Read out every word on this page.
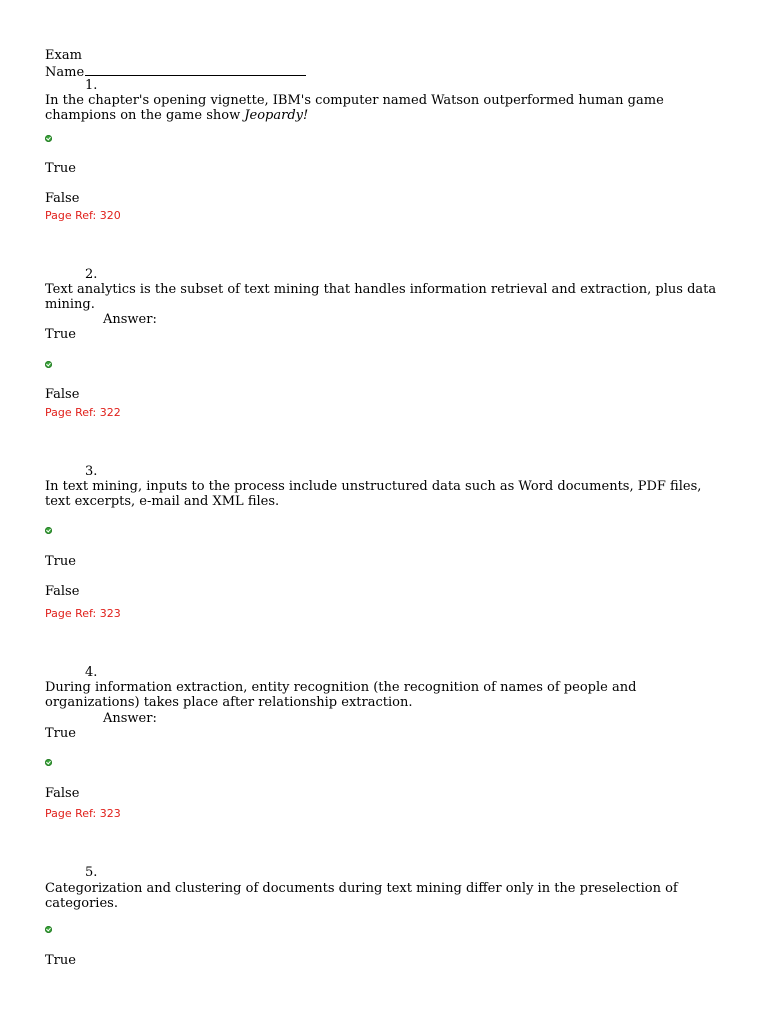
Exam
Name
1.
In the chapter's opening vignette, IBM's computer named Watson outperformed human game champions on the game show Jeopardy!
True
False
Page Ref: 320
2.
Text analytics is the subset of text mining that handles information retrieval and extraction, plus data mining.
Answer:
True
False
Page Ref: 322
3.
In text mining, inputs to the process include unstructured data such as Word documents, PDF files, text excerpts, e-mail and XML files.
True
False
Page Ref: 323
4.
During information extraction, entity recognition (the recognition of names of people and organizations) takes place after relationship extraction.
Answer:
True
False
Page Ref: 323
5.
Categorization and clustering of documents during text mining differ only in the preselection of categories.
True
